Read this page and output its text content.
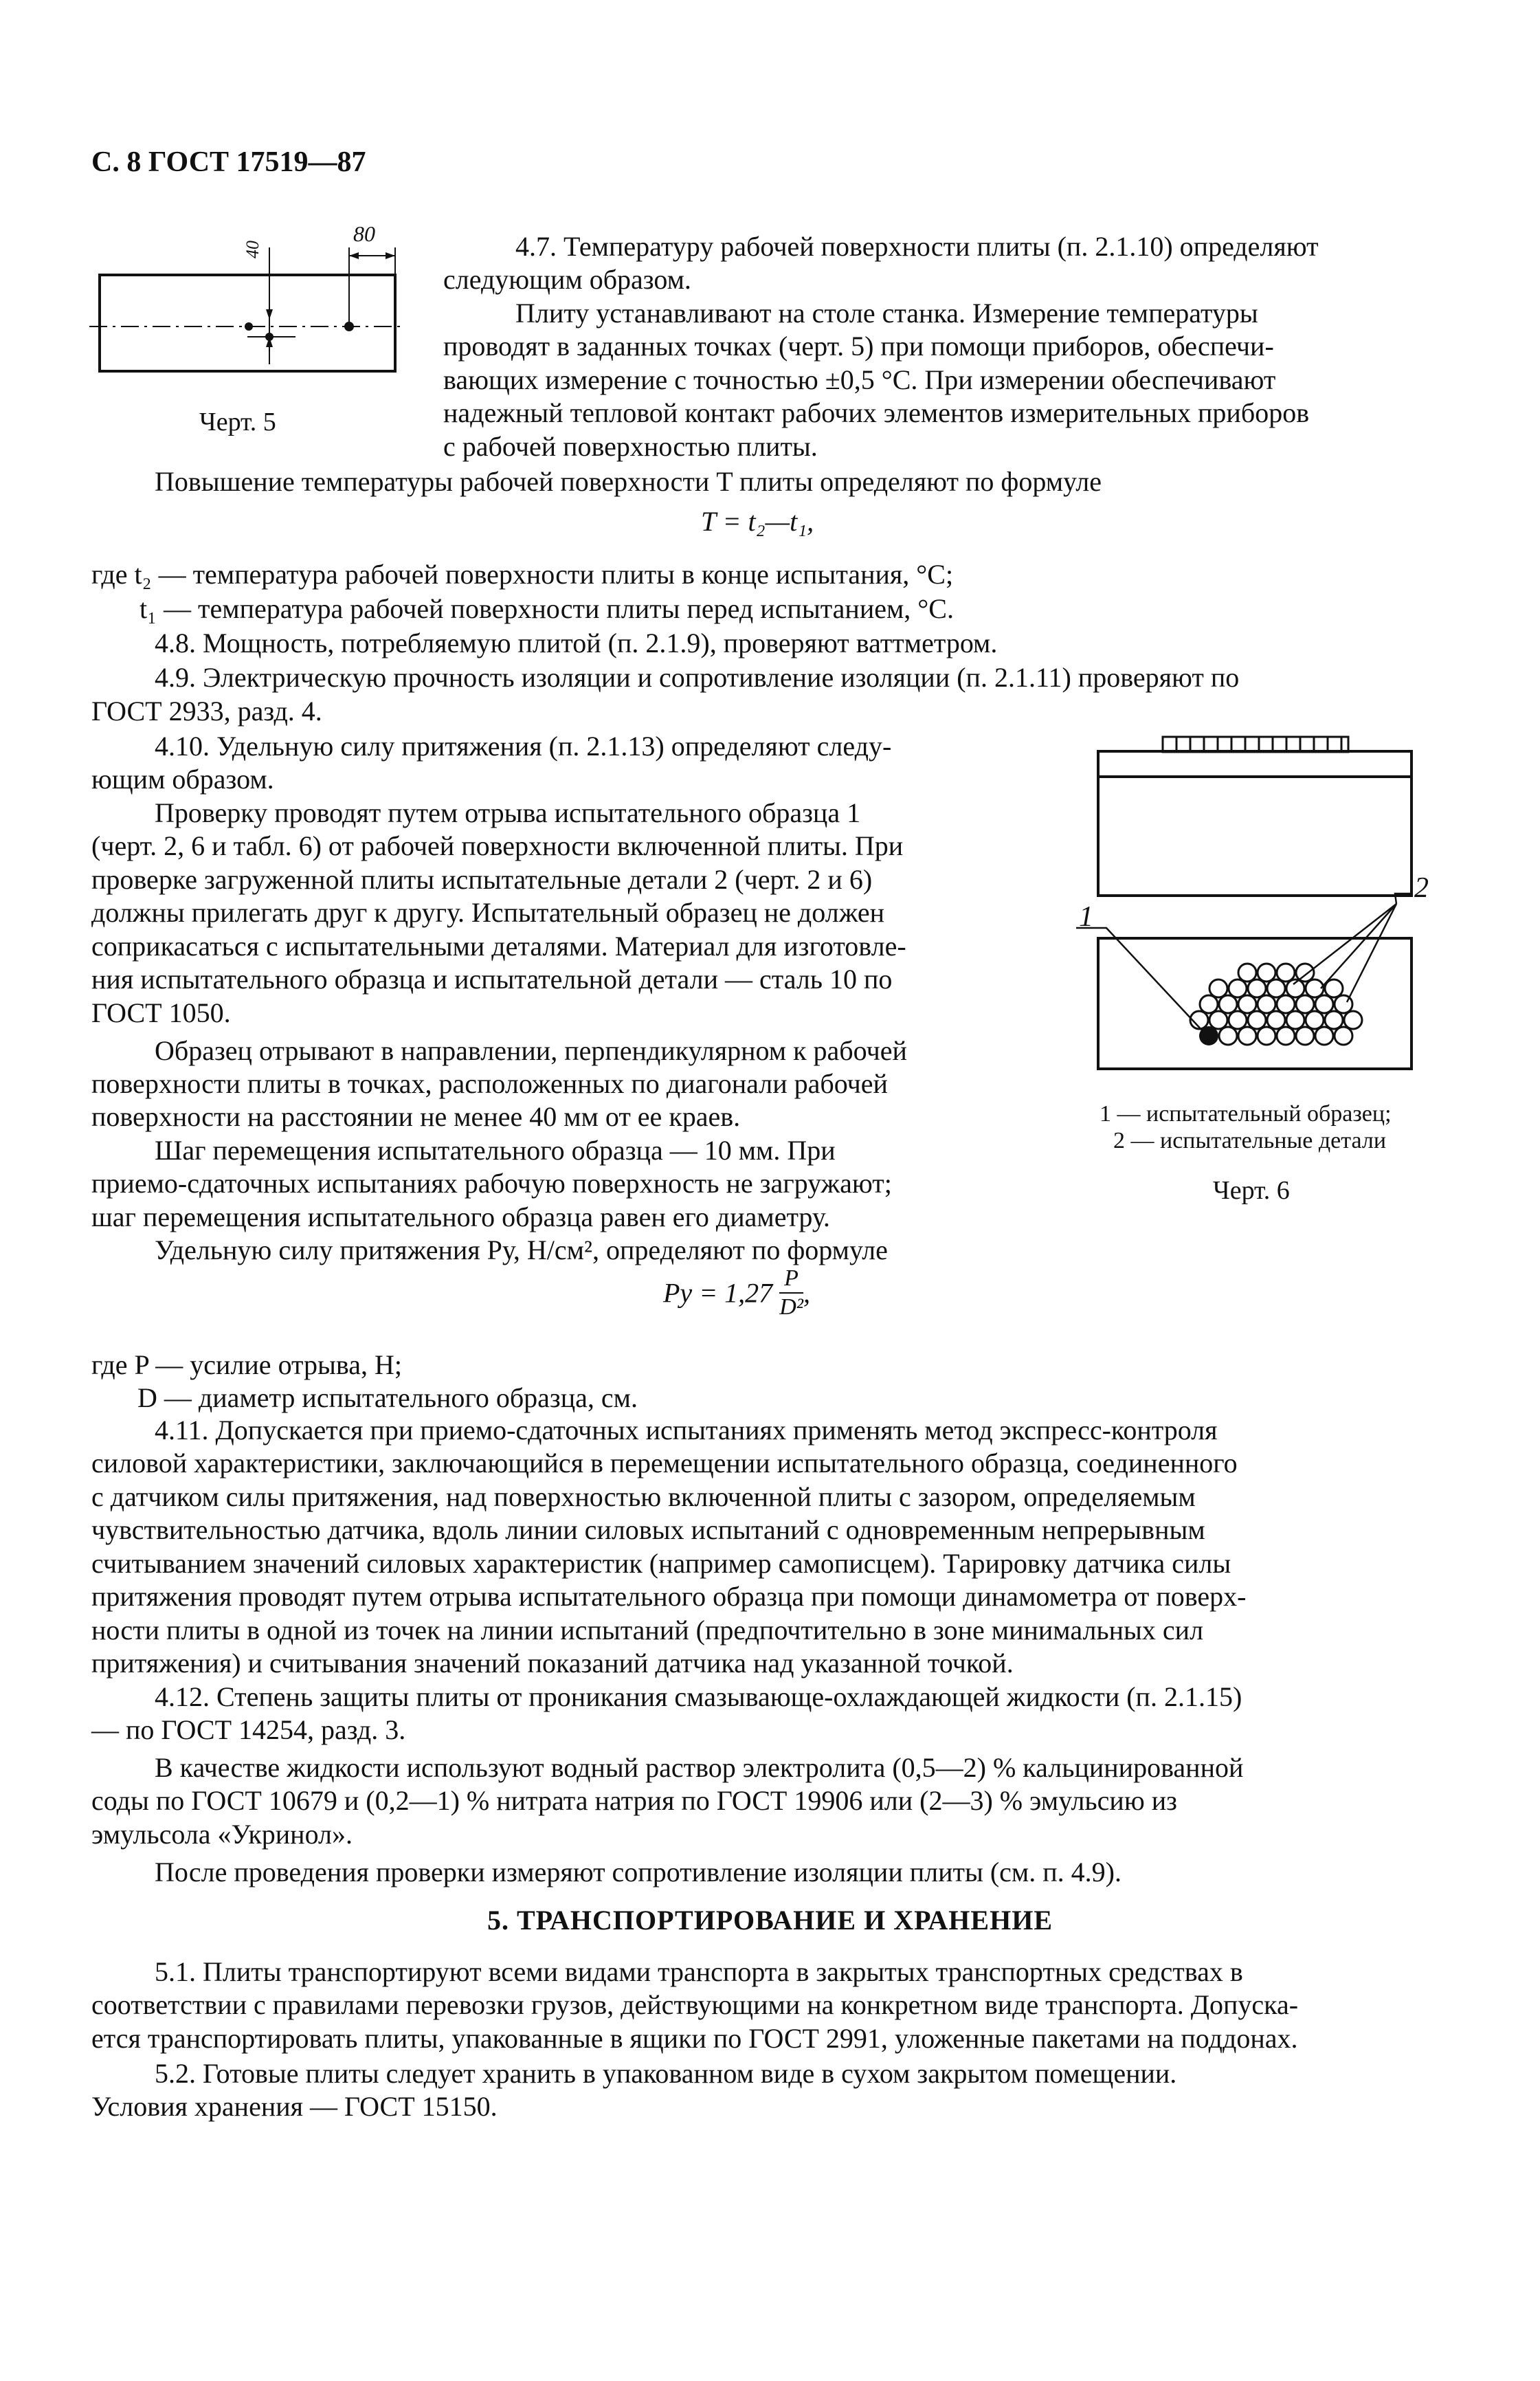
С. 8 ГОСТ 17519—87
80
40
Черт. 5
4.7. Температуру рабочей поверхности плиты (п. 2.1.10) определяют
следующим образом.
Плиту устанавливают на столе станка. Измерение температуры
проводят в заданных точках (черт. 5) при помощи приборов, обеспечи-
вающих измерение с точностью ±0,5 °С. При измерении обеспечивают
надежный тепловой контакт рабочих элементов измерительных приборов
с рабочей поверхностью плиты.
Повышение температуры рабочей поверхности T плиты определяют по формуле
T = t₂—t₁,
где t₂ — температура рабочей поверхности плиты в конце испытания, °С;
t₁ — температура рабочей поверхности плиты перед испытанием, °С.
4.8. Мощность, потребляемую плитой (п. 2.1.9), проверяют ваттметром.
4.9. Электрическую прочность изоляции и сопротивление изоляции (п. 2.1.11) проверяют по
ГОСТ 2933, разд. 4.
4.10. Удельную силу притяжения (п. 2.1.13) определяют следу-
ющим образом.
Проверку проводят путем отрыва испытательного образца 1
(черт. 2, 6 и табл. 6) от рабочей поверхности включенной плиты. При
проверке загруженной плиты испытательные детали 2 (черт. 2 и 6)
должны прилегать друг к другу. Испытательный образец не должен
соприкасаться с испытательными деталями. Материал для изготовле-
ния испытательного образца и испытательной детали — сталь 10 по
ГОСТ 1050.
Образец отрывают в направлении, перпендикулярном к рабочей
поверхности плиты в точках, расположенных по диагонали рабочей
поверхности на расстоянии не менее 40 мм от ее краев.
Шаг перемещения испытательного образца — 10 мм. При
приемо-сдаточных испытаниях рабочую поверхность не загружают;
шаг перемещения испытательного образца равен его диаметру.
Удельную силу притяжения Pу, Н/см², определяют по формуле
1
2
1 — испытательный образец;
2 — испытательные детали
Черт. 6
Pу = $1,27 \frac{P}{\text{D²}}$ ,
где P — усилие отрыва, Н;
D — диаметр испытательного образца, см.
4.11. Допускается при приемо-сдаточных испытаниях применять метод экспресс-контроля
силовой характеристики, заключающийся в перемещении испытательного образца, соединенного
с датчиком силы притяжения, над поверхностью включенной плиты с зазором, определяемым
чувствительностью датчика, вдоль линии силовых испытаний с одновременным непрерывным
считыванием значений силовых характеристик (например самописцем). Тарировку датчика силы
притяжения проводят путем отрыва испытательного образца при помощи динамометра от поверх-
ности плиты в одной из точек на линии испытаний (предпочтительно в зоне минимальных сил
притяжения) и считывания значений показаний датчика над указанной точкой.
4.12. Степень защиты плиты от проникания смазывающе-охлаждающей жидкости (п. 2.1.15)
— по ГОСТ 14254, разд. 3.
В качестве жидкости используют водный раствор электролита (0,5—2) % кальцинированной
соды по ГОСТ 10679 и (0,2—1) % нитрата натрия по ГОСТ 19906 или (2—3) % эмульсию из
эмульсола «Укринол».
После проведения проверки измеряют сопротивление изоляции плиты (см. п. 4.9).
5. ТРАНСПОРТИРОВАНИЕ И ХРАНЕНИЕ
5.1. Плиты транспортируют всеми видами транспорта в закрытых транспортных средствах в
соответствии с правилами перевозки грузов, действующими на конкретном виде транспорта. Допуска-
ется транспортировать плиты, упакованные в ящики по ГОСТ 2991, уложенные пакетами на поддонах.
5.2. Готовые плиты следует хранить в упакованном виде в сухом закрытом помещении.
Условия хранения — ГОСТ 15150.
